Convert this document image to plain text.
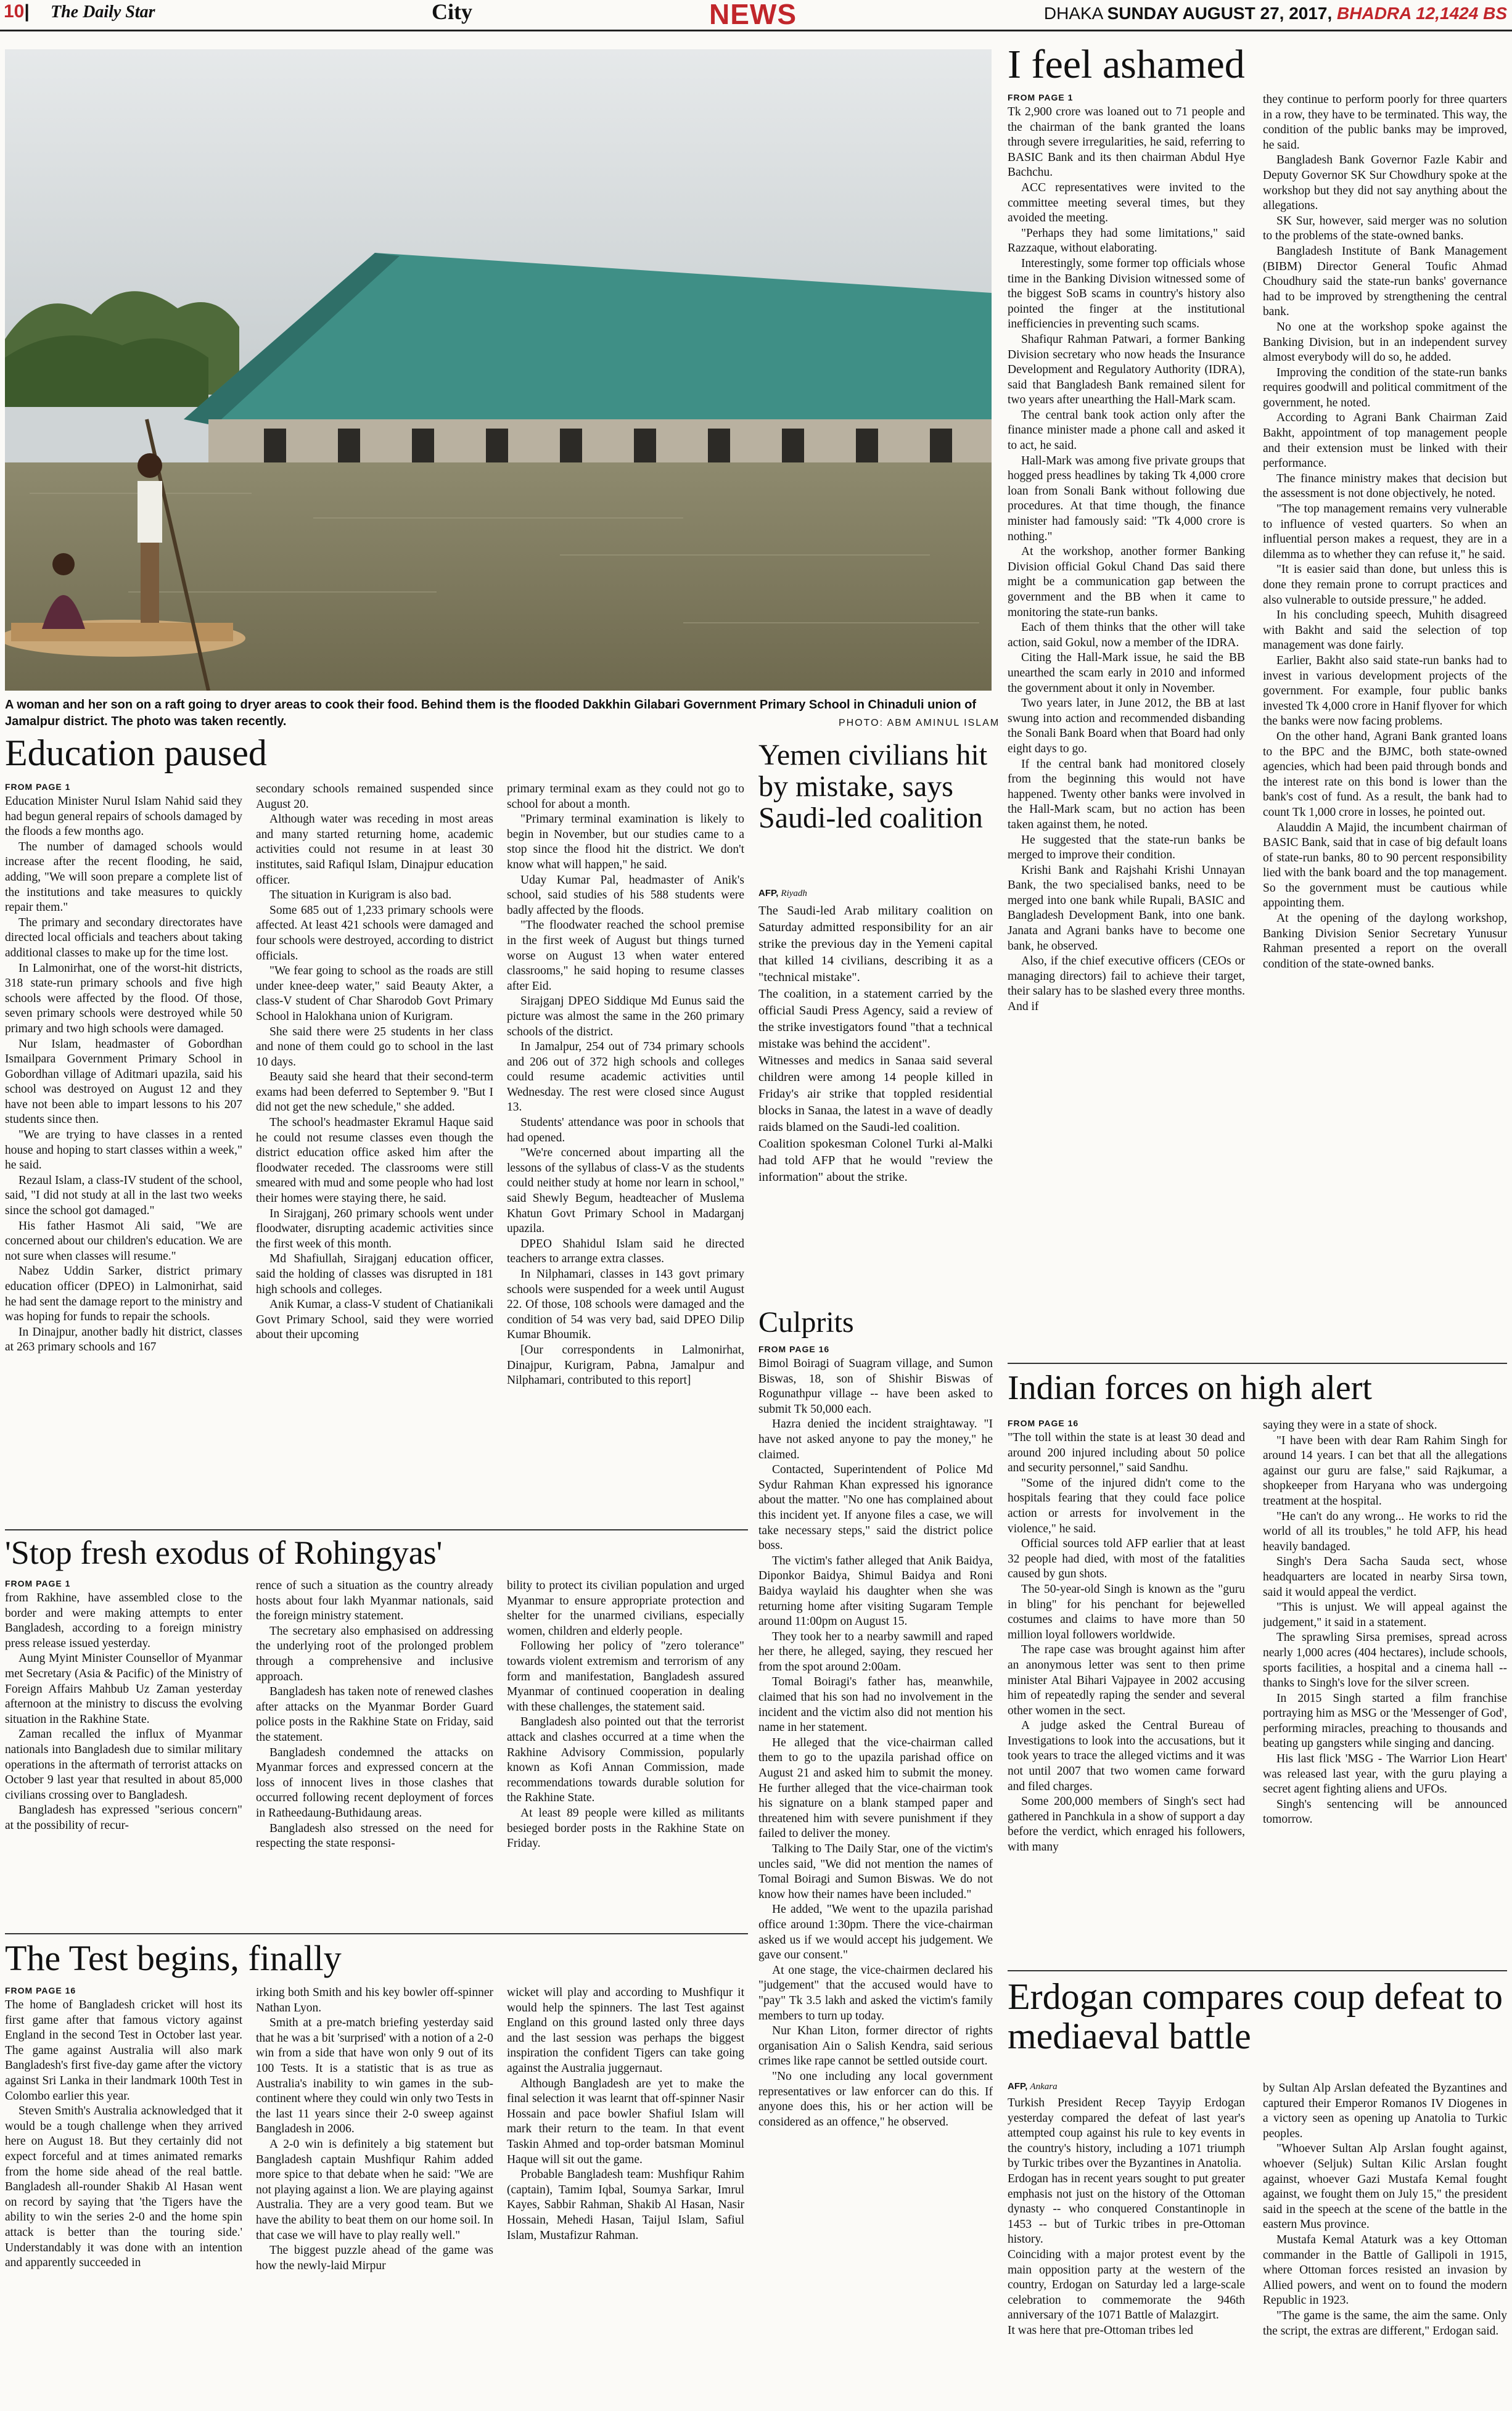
10| The Daily Star	City	NEWS	DHAKA SUNDAY AUGUST 27, 2017, BHADRA 12,1424 BS
A woman and her son on a raft going to dryer areas to cook their food. Behind them is the flooded Dakkhin Gilabari Government Primary School in Chinaduli union of Jamalpur district. The photo was taken recently.	PHOTO: ABM AMINUL ISLAM
Education paused
FROM PAGE 1

Education Minister Nurul Islam Nahid said they had begun general repairs of schools damaged by the floods a few months ago.

The number of damaged schools would increase after the recent flooding, he said, adding, "We will soon prepare a complete list of the institutions and take measures to quickly repair them."

The primary and secondary directorates have directed local officials and teachers about taking additional classes to make up for the time lost.

In Lalmonirhat, one of the worst-hit districts, 318 state-run primary schools and five high schools were affected by the flood. Of those, seven primary schools were destroyed while 50 primary and two high schools were damaged.

Nur Islam, headmaster of Gobordhan Ismailpara Government Primary School in Gobordhan village of Aditmari upazila, said his school was destroyed on August 12 and they have not been able to impart lessons to his 207 students since then.

"We are trying to have classes in a rented house and hoping to start classes within a week," he said.

Rezaul Islam, a class-IV student of the school, said, "I did not study at all in the last two weeks since the school got damaged."

His father Hasmot Ali said, "We are concerned about our children's education. We are not sure when classes will resume."

Nabez Uddin Sarker, district primary education officer (DPEO) in Lalmonirhat, said he had sent the damage report to the ministry and was hoping for funds to repair the schools.

In Dinajpur, another badly hit district, classes at 263 primary schools and 167

secondary schools remained suspended since August 20.

Although water was receding in most areas and many started returning home, academic activities could not resume in at least 30 institutes, said Rafiqul Islam, Dinajpur education officer.

The situation in Kurigram is also bad.

Some 685 out of 1,233 primary schools were affected. At least 421 schools were damaged and four schools were destroyed, according to district officials.

"We fear going to school as the roads are still under knee-deep water," said Beauty Akter, a class-V student of Char Sharodob Govt Primary School in Halokhana union of Kurigram.

She said there were 25 students in her class and none of them could go to school in the last 10 days.

Beauty said she heard that their second-term exams had been deferred to September 9. "But I did not get the new schedule," she added.

The school's headmaster Ekramul Haque said he could not resume classes even though the district education office asked him after the floodwater receded. The classrooms were still smeared with mud and some people who had lost their homes were staying there, he said.

In Sirajganj, 260 primary schools went under floodwater, disrupting academic activities since the first week of this month.

Md Shafiullah, Sirajganj education officer, said the holding of classes was disrupted in 181 high schools and colleges.

Anik Kumar, a class-V student of Chatianikali Govt Primary School, said they were worried about their upcoming

primary terminal exam as they could not go to school for about a month.

"Primary terminal examination is likely to begin in November, but our studies came to a stop since the flood hit the district. We don't know what will happen," he said.

Uday Kumar Pal, headmaster of Anik's school, said studies of his 588 students were badly affected by the floods.

"The floodwater reached the school premise in the first week of August but things turned worse on August 13 when water entered classrooms," he said hoping to resume classes after Eid.

Sirajganj DPEO Siddique Md Eunus said the picture was almost the same in the 260 primary schools of the district.

In Jamalpur, 254 out of 734 primary schools and 206 out of 372 high schools and colleges could resume academic activities until Wednesday. The rest were closed since August 13.

Students' attendance was poor in schools that had opened.

"We're concerned about imparting all the lessons of the syllabus of class-V as the students could neither study at home nor learn in school," said Shewly Begum, headteacher of Muslema Khatun Govt Primary School in Madarganj upazila.

DPEO Shahidul Islam said he directed teachers to arrange extra classes.

In Nilphamari, classes in 143 govt primary schools were suspended for a week until August 22. Of those, 108 schools were damaged and the condition of 54 was very bad, said DPEO Dilip Kumar Bhoumik.

[Our correspondents in Lalmonirhat, Dinajpur, Kurigram, Pabna, Jamalpur and Nilphamari, contributed to this report]

Yemen civilians hit by mistake, says Saudi-led coalition
AFP, Riyadh

The Saudi-led Arab military coalition on Saturday admitted responsibility for an air strike the previous day in the Yemeni capital that killed 14 civilians, describing it as a "technical mistake".

The coalition, in a statement carried by the official Saudi Press Agency, said a review of the strike investigators found "that a technical mistake was behind the accident".

Witnesses and medics in Sanaa said several children were among 14 people killed in Friday's air strike that toppled residential blocks in Sanaa, the latest in a wave of deadly raids blamed on the Saudi-led coalition.

Coalition spokesman Colonel Turki al-Malki had told AFP that he would "review the information" about the strike.

Culprits
FROM PAGE 16

Bimol Boiragi of Suagram village, and Sumon Biswas, 18, son of Shishir Biswas of Rogunathpur village -- have been asked to submit Tk 50,000 each.

Hazra denied the incident straightaway. "I have not asked anyone to pay the money," he claimed.

Contacted, Superintendent of Police Md Sydur Rahman Khan expressed his ignorance about the matter. "No one has complained about this incident yet. If anyone files a case, we will take necessary steps," said the district police boss.

The victim's father alleged that Anik Baidya, Diponkor Baidya, Shimul Baidya and Roni Baidya waylaid his daughter when she was returning home after visiting Sugaram Temple around 11:00pm on August 15.

They took her to a nearby sawmill and raped her there, he alleged, saying, they rescued her from the spot around 2:00am.

Tomal Boiragi's father has, meanwhile, claimed that his son had no involvement in the incident and the victim also did not mention his name in her statement.

He alleged that the vice-chairman called them to go to the upazila parishad office on August 21 and asked him to submit the money. He further alleged that the vice-chairman took his signature on a blank stamped paper and threatened him with severe punishment if they failed to deliver the money.

Talking to The Daily Star, one of the victim's uncles said, "We did not mention the names of Tomal Boiragi and Sumon Biswas. We do not know how their names have been included."

He added, "We went to the upazila parishad office around 1:30pm. There the vice-chairman asked us if we would accept his judgement. We gave our consent."

At one stage, the vice-chairmen declared his "judgement" that the accused would have to "pay" Tk 3.5 lakh and asked the victim's family members to turn up today.

Nur Khan Liton, former director of rights organisation Ain o Salish Kendra, said serious crimes like rape cannot be settled outside court.

"No one including any local government representatives or law enforcer can do this. If anyone does this, his or her action will be considered as an offence," he observed.

'Stop fresh exodus of Rohingyas'
FROM PAGE 1

from Rakhine, have assembled close to the border and were making attempts to enter Bangladesh, according to a foreign ministry press release issued yesterday.

Aung Myint Minister Counsellor of Myanmar met Secretary (Asia & Pacific) of the Ministry of Foreign Affairs Mahbub Uz Zaman yesterday afternoon at the ministry to discuss the evolving situation in the Rakhine State.

Zaman recalled the influx of Myanmar nationals into Bangladesh due to similar military operations in the aftermath of terrorist attacks on October 9 last year that resulted in about 85,000 civilians crossing over to Bangladesh.

Bangladesh has expressed "serious concern" at the possibility of recur-

rence of such a situation as the country already hosts about four lakh Myanmar nationals, said the foreign ministry statement.

The secretary also emphasised on addressing the underlying root of the prolonged problem through a comprehensive and inclusive approach.

Bangladesh has taken note of renewed clashes after attacks on the Myanmar Border Guard police posts in the Rakhine State on Friday, said the statement.

Bangladesh condemned the attacks on Myanmar forces and expressed concern at the loss of innocent lives in those clashes that occurred following recent deployment of forces in Ratheedaung-Buthidaung areas.

Bangladesh also stressed on the need for respecting the state responsi-

bility to protect its civilian population and urged Myanmar to ensure appropriate protection and shelter for the unarmed civilians, especially women, children and elderly people.

Following her policy of "zero tolerance" towards violent extremism and terrorism of any form and manifestation, Bangladesh assured Myanmar of continued cooperation in dealing with these challenges, the statement said.

Bangladesh also pointed out that the terrorist attack and clashes occurred at a time when the Rakhine Advisory Commission, popularly known as Kofi Annan Commission, made recommendations towards durable solution for the Rakhine State.

At least 89 people were killed as militants besieged border posts in the Rakhine State on Friday.

The Test begins, finally
FROM PAGE 16

The home of Bangladesh cricket will host its first game after that famous victory against England in the second Test in October last year. The game against Australia will also mark Bangladesh's first five-day game after the victory against Sri Lanka in their landmark 100th Test in Colombo earlier this year.

Steven Smith's Australia acknowledged that it would be a tough challenge when they arrived here on August 18. But they certainly did not expect forceful and at times animated remarks from the home side ahead of the real battle. Bangladesh all-rounder Shakib Al Hasan went on record by saying that 'the Tigers have the ability to win the series 2-0 and the home spin attack is better than the touring side.' Understandably it was done with an intention and apparently succeeded in

irking both Smith and his key bowler off-spinner Nathan Lyon.

Smith at a pre-match briefing yesterday said that he was a bit 'surprised' with a notion of a 2-0 win from a side that have won only 9 out of its 100 Tests. It is a statistic that is as true as Australia's inability to win games in the sub-continent where they could win only two Tests in the last 11 years since their 2-0 sweep against Bangladesh in 2006.

A 2-0 win is definitely a big statement but Bangladesh captain Mushfiqur Rahim added more spice to that debate when he said: "We are not playing against a lion. We are playing against Australia. They are a very good team. But we have the ability to beat them on our home soil. In that case we will have to play really well."

The biggest puzzle ahead of the game was how the newly-laid Mirpur

wicket will play and according to Mushfiqur it would help the spinners. The last Test against England on this ground lasted only three days and the last session was perhaps the biggest inspiration the confident Tigers can take going against the Australia juggernaut.

Although Bangladesh are yet to make the final selection it was learnt that off-spinner Nasir Hossain and pace bowler Shafiul Islam will mark their return to the team. In that event Taskin Ahmed and top-order batsman Mominul Haque will sit out the game.

Probable Bangladesh team: Mushfiqur Rahim (captain), Tamim Iqbal, Soumya Sarkar, Imrul Kayes, Sabbir Rahman, Shakib Al Hasan, Nasir Hossain, Mehedi Hasan, Taijul Islam, Safiul Islam, Mustafizur Rahman.

I feel ashamed
FROM PAGE 1

Tk 2,900 crore was loaned out to 71 people and the chairman of the bank granted the loans through severe irregularities, he said, referring to BASIC Bank and its then chairman Abdul Hye Bachchu.

ACC representatives were invited to the committee meeting several times, but they avoided the meeting.

"Perhaps they had some limitations," said Razzaque, without elaborating.

Interestingly, some former top officials whose time in the Banking Division witnessed some of the biggest SoB scams in country's history also pointed the finger at the institutional inefficiencies in preventing such scams.

Shafiqur Rahman Patwari, a former Banking Division secretary who now heads the Insurance Development and Regulatory Authority (IDRA), said that Bangladesh Bank remained silent for two years after unearthing the Hall-Mark scam.

The central bank took action only after the finance minister made a phone call and asked it to act, he said.

Hall-Mark was among five private groups that hogged press headlines by taking Tk 4,000 crore loan from Sonali Bank without following due procedures. At that time though, the finance minister had famously said: "Tk 4,000 crore is nothing."

At the workshop, another former Banking Division official Gokul Chand Das said there might be a communication gap between the government and the BB when it came to monitoring the state-run banks.

Each of them thinks that the other will take action, said Gokul, now a member of the IDRA.

Citing the Hall-Mark issue, he said the BB unearthed the scam early in 2010 and informed the government about it only in November.

Two years later, in June 2012, the BB at last swung into action and recommended disbanding the Sonali Bank Board when that Board had only eight days to go.

If the central bank had monitored closely from the beginning this would not have happened. Twenty other banks were involved in the Hall-Mark scam, but no action has been taken against them, he noted.

He suggested that the state-run banks be merged to improve their condition.

Krishi Bank and Rajshahi Krishi Unnayan Bank, the two specialised banks, need to be merged into one bank while Rupali, BASIC and Bangladesh Development Bank, into one bank. Janata and Agrani banks have to become one bank, he observed.

Also, if the chief executive officers (CEOs or managing directors) fail to achieve their target, their salary has to be slashed every three months. And if

they continue to perform poorly for three quarters in a row, they have to be terminated. This way, the condition of the public banks may be improved, he said.

Bangladesh Bank Governor Fazle Kabir and Deputy Governor SK Sur Chowdhury spoke at the workshop but they did not say anything about the allegations.

SK Sur, however, said merger was no solution to the problems of the state-owned banks.

Bangladesh Institute of Bank Management (BIBM) Director General Toufic Ahmad Choudhury said the state-run banks' governance had to be improved by strengthening the central bank.

No one at the workshop spoke against the Banking Division, but in an independent survey almost everybody will do so, he added.

Improving the condition of the state-run banks requires goodwill and political commitment of the government, he noted.

According to Agrani Bank Chairman Zaid Bakht, appointment of top management people and their extension must be linked with their performance.

The finance ministry makes that decision but the assessment is not done objectively, he noted.

"The top management remains very vulnerable to influence of vested quarters. So when an influential person makes a request, they are in a dilemma as to whether they can refuse it," he said.

"It is easier said than done, but unless this is done they remain prone to corrupt practices and also vulnerable to outside pressure," he added.

In his concluding speech, Muhith disagreed with Bakht and said the selection of top management was done fairly.

Earlier, Bakht also said state-run banks had to invest in various development projects of the government. For example, four public banks invested Tk 4,000 crore in Hanif flyover for which the banks were now facing problems.

On the other hand, Agrani Bank granted loans to the BPC and the BJMC, both state-owned agencies, which had been paid through bonds and the interest rate on this bond is lower than the bank's cost of fund. As a result, the bank had to count Tk 1,000 crore in losses, he pointed out.

Alauddin A Majid, the incumbent chairman of BASIC Bank, said that in case of big default loans of state-run banks, 80 to 90 percent responsibility lied with the bank board and the top management. So the government must be cautious while appointing them.

At the opening of the daylong workshop, Banking Division Senior Secretary Yunusur Rahman presented a report on the overall condition of the state-owned banks.

Indian forces on high alert
FROM PAGE 16

"The toll within the state is at least 30 dead and around 200 injured including about 50 police and security personnel," said Sandhu.

"Some of the injured didn't come to the hospitals fearing that they could face police action or arrests for involvement in the violence," he said.

Official sources told AFP earlier that at least 32 people had died, with most of the fatalities caused by gun shots.

The 50-year-old Singh is known as the "guru in bling" for his penchant for bejewelled costumes and claims to have more than 50 million loyal followers worldwide.

The rape case was brought against him after an anonymous letter was sent to then prime minister Atal Bihari Vajpayee in 2002 accusing him of repeatedly raping the sender and several other women in the sect.

A judge asked the Central Bureau of Investigations to look into the accusations, but it took years to trace the alleged victims and it was not until 2007 that two women came forward and filed charges.

Some 200,000 members of Singh's sect had gathered in Panchkula in a show of support a day before the verdict, which enraged his followers, with many

saying they were in a state of shock.

"I have been with dear Ram Rahim Singh for around 14 years. I can bet that all the allegations against our guru are false," said Rajkumar, a shopkeeper from Haryana who was undergoing treatment at the hospital.

"He can't do any wrong... He works to rid the world of all its troubles," he told AFP, his head heavily bandaged.

Singh's Dera Sacha Sauda sect, whose headquarters are located in nearby Sirsa town, said it would appeal the verdict.

"This is unjust. We will appeal against the judgement," it said in a statement.

The sprawling Sirsa premises, spread across nearly 1,000 acres (404 hectares), include schools, sports facilities, a hospital and a cinema hall -- thanks to Singh's love for the silver screen.

In 2015 Singh started a film franchise portraying him as MSG or the 'Messenger of God', performing miracles, preaching to thousands and beating up gangsters while singing and dancing.

His last flick 'MSG - The Warrior Lion Heart' was released last year, with the guru playing a secret agent fighting aliens and UFOs.

Singh's sentencing will be announced tomorrow.

Erdogan compares coup defeat to mediaeval battle
AFP, Ankara

Turkish President Recep Tayyip Erdogan yesterday compared the defeat of last year's attempted coup against his rule to key events in the country's history, including a 1071 triumph by Turkic tribes over the Byzantines in Anatolia.

Erdogan has in recent years sought to put greater emphasis not just on the history of the Ottoman dynasty -- who conquered Constantinople in 1453 -- but of Turkic tribes in pre-Ottoman history.

Coinciding with a major protest event by the main opposition party at the western of the country, Erdogan on Saturday led a large-scale celebration to commemorate the 946th anniversary of the 1071 Battle of Malazgirt.

It was here that pre-Ottoman tribes led

by Sultan Alp Arslan defeated the Byzantines and captured their Emperor Romanos IV Diogenes in a victory seen as opening up Anatolia to Turkic peoples.

"Whoever Sultan Alp Arslan fought against, whoever (Seljuk) Sultan Kilic Arslan fought against, whoever Gazi Mustafa Kemal fought against, we fought them on July 15," the president said in the speech at the scene of the battle in the eastern Mus province.

Mustafa Kemal Ataturk was a key Ottoman commander in the Battle of Gallipoli in 1915, where Ottoman forces resisted an invasion by Allied powers, and went on to found the modern Republic in 1923.

"The game is the same, the aim the same. Only the script, the extras are different," Erdogan said.
